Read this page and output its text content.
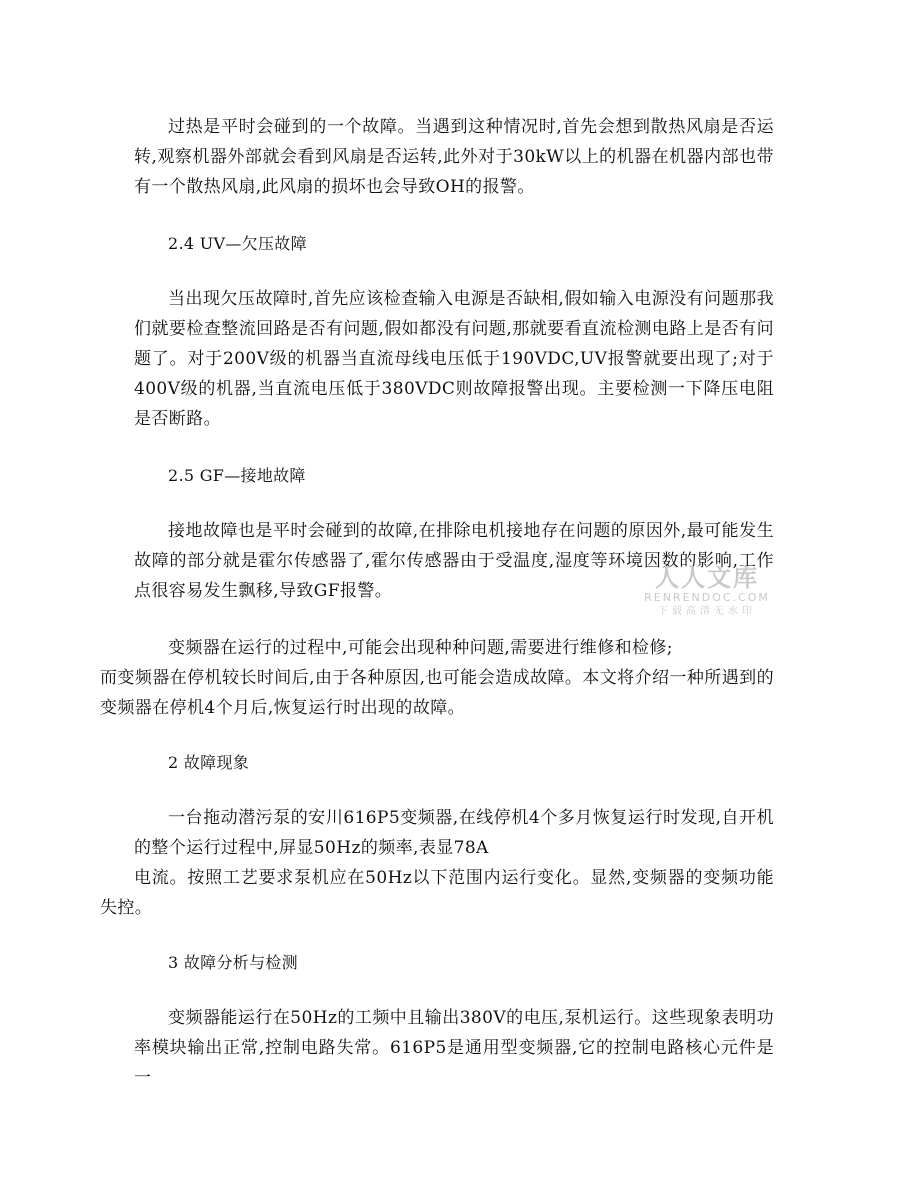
过热是平时会碰到的一个故障。当遇到这种情况时,首先会想到散热风扇是否运转,观察机器外部就会看到风扇是否运转,此外对于30kW以上的机器在机器内部也带有一个散热风扇,此风扇的损坏也会导致OH的报警。

2.4 UV—欠压故障

当出现欠压故障时,首先应该检查输入电源是否缺相,假如输入电源没有问题那我们就要检查整流回路是否有问题,假如都没有问题,那就要看直流检测电路上是否有问题了。对于200V级的机器当直流母线电压低于190VDC,UV报警就要出现了;对于400V级的机器,当直流电压低于380VDC则故障报警出现。主要检测一下降压电阻是否断路。

2.5 GF—接地故障

接地故障也是平时会碰到的故障,在排除电机接地存在问题的原因外,最可能发生故障的部分就是霍尔传感器了,霍尔传感器由于受温度,湿度等环境因数的影响,工作点很容易发生飘移,导致GF报警。

变频器在运行的过程中,可能会出现种种问题,需要进行维修和检修;
而变频器在停机较长时间后,由于各种原因,也可能会造成故障。本文将介绍一种所遇到的变频器在停机4个月后,恢复运行时出现的故障。

2 故障现象

一台拖动潜污泵的安川616P5变频器,在线停机4个多月恢复运行时发现,自开机的整个运行过程中,屏显50Hz的频率,表显78A
电流。按照工艺要求泵机应在50Hz以下范围内运行变化。显然,变频器的变频功能失控。

3 故障分析与检测

变频器能运行在50Hz的工频中且输出380V的电压,泵机运行。这些现象表明功率模块输出正常,控制电路失常。616P5是通用型变频器,它的控制电路核心元件是一

人人文库
RENRENDOC.COM
下载高清无水印
